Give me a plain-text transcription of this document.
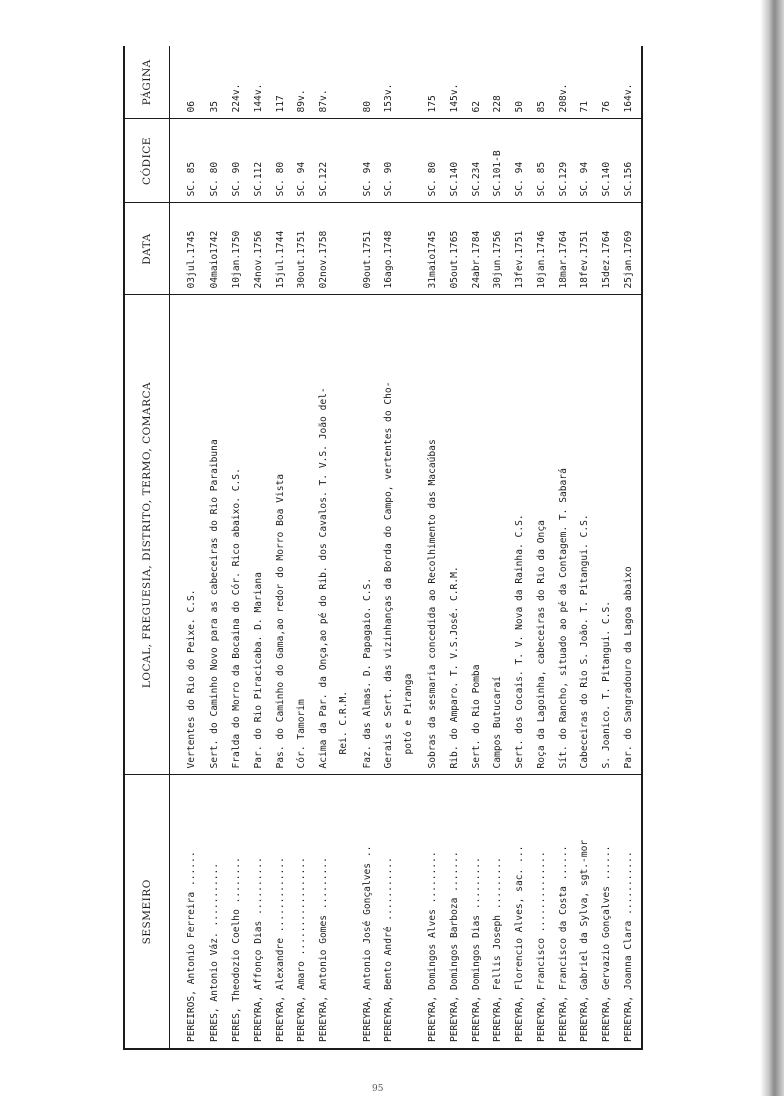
SESMEIRO	LOCAL, FREGUESIA, DISTRITO, TERMO, COMARCA	DATA	CÓDICE	PÁGINA
PEREIROS, Antonio Ferreira ......	Vertentes do Rio do Peixe. C.S.	03jul.1745	SC. 85	06
PERES, Antonio Váz. ...........	Sert. do Caminho Novo para as cabeceiras do Rio Paraibuna	04maio1742	SC. 80	35
PERES, Theodozio Coelho ........	Fralda do Morro da Bocaina do Cór. Rico abaixo. C.S.	10jan.1750	SC. 90	224v.
PEREYRA, Affonço Dias ..........	Par. do Rio Piracicaba. D. Mariana	24nov.1756	SC.112	144v.
PEREYRA, Alexandre .............	Pas. do Caminho do Gama,ao redor do Morro Boa Vista	15jul.1744	SC. 80	117
PEREYRA, Amaro .................	Cór. Tamorim	30out.1751	SC. 94	89v.
PEREYRA, Antonio Gomes .........	Acima da Par. da Onça,ao pé do Rib. dos Cavalos. T. V.S. João del- Rei. C.R.M.	02nov.1758	SC.122	87v.
PEREYRA, Antonio José Gonçalves ..	Faz. das Almas. D. Papagaio. C.S.	09out.1751	SC. 94	80
PEREYRA, Bento André ...........	Gerais e Sert. das vizinhanças da Borda do Campo, vertentes do Cho- potó e Piranga	16ago.1748	SC. 90	153v.
PEREYRA, Domingos Alves .........	Sobras da sesmaria concedida ao Recolhimento das Macaúbas	31maio1745	SC. 80	175
PEREYRA, Domingos Barboza .......	Rib. do Amparo. T. V.S.José. C.R.M.	05out.1765	SC.140	145v.
PEREYRA, Domingos Dias .........	Sert. do Rio Pomba	24abr.1784	SC.234	62
PEREYRA, Fellis Joseph .........	Campos Butucaraí	30jun.1756	SC.101-B	228
PEREYRA, Florencio Alves, sac. ...	Sert. dos Cocais. T. V. Nova da Rainha. C.S.	13fev.1751	SC. 94	50
PEREYRA, Francisco ..............	Roça da Lagoinha, cabeceiras do Rio da Onça	10jan.1746	SC. 85	85
PEREYRA, Francisco da Costa ......	Sít. do Rancho, situado ao pé da Contagem. T. Sabará	18mar.1764	SC.129	208v.
PEREYRA, Gabriel da Sylva, sgt.-mor	Cabeceiras do Rio S. João. T. Pitangui. C.S.	18fev.1751	SC. 94	71
PEREYRA, Gervazio Gonçalves ......	S. Joanico. T. Pitangui. C.S.	15dez.1764	SC.140	76
PEREYRA, Joanna Clara ...........	Par. do Sangradouro da Lagoa abaixo	25jan.1769	SC.156	164v.

95
